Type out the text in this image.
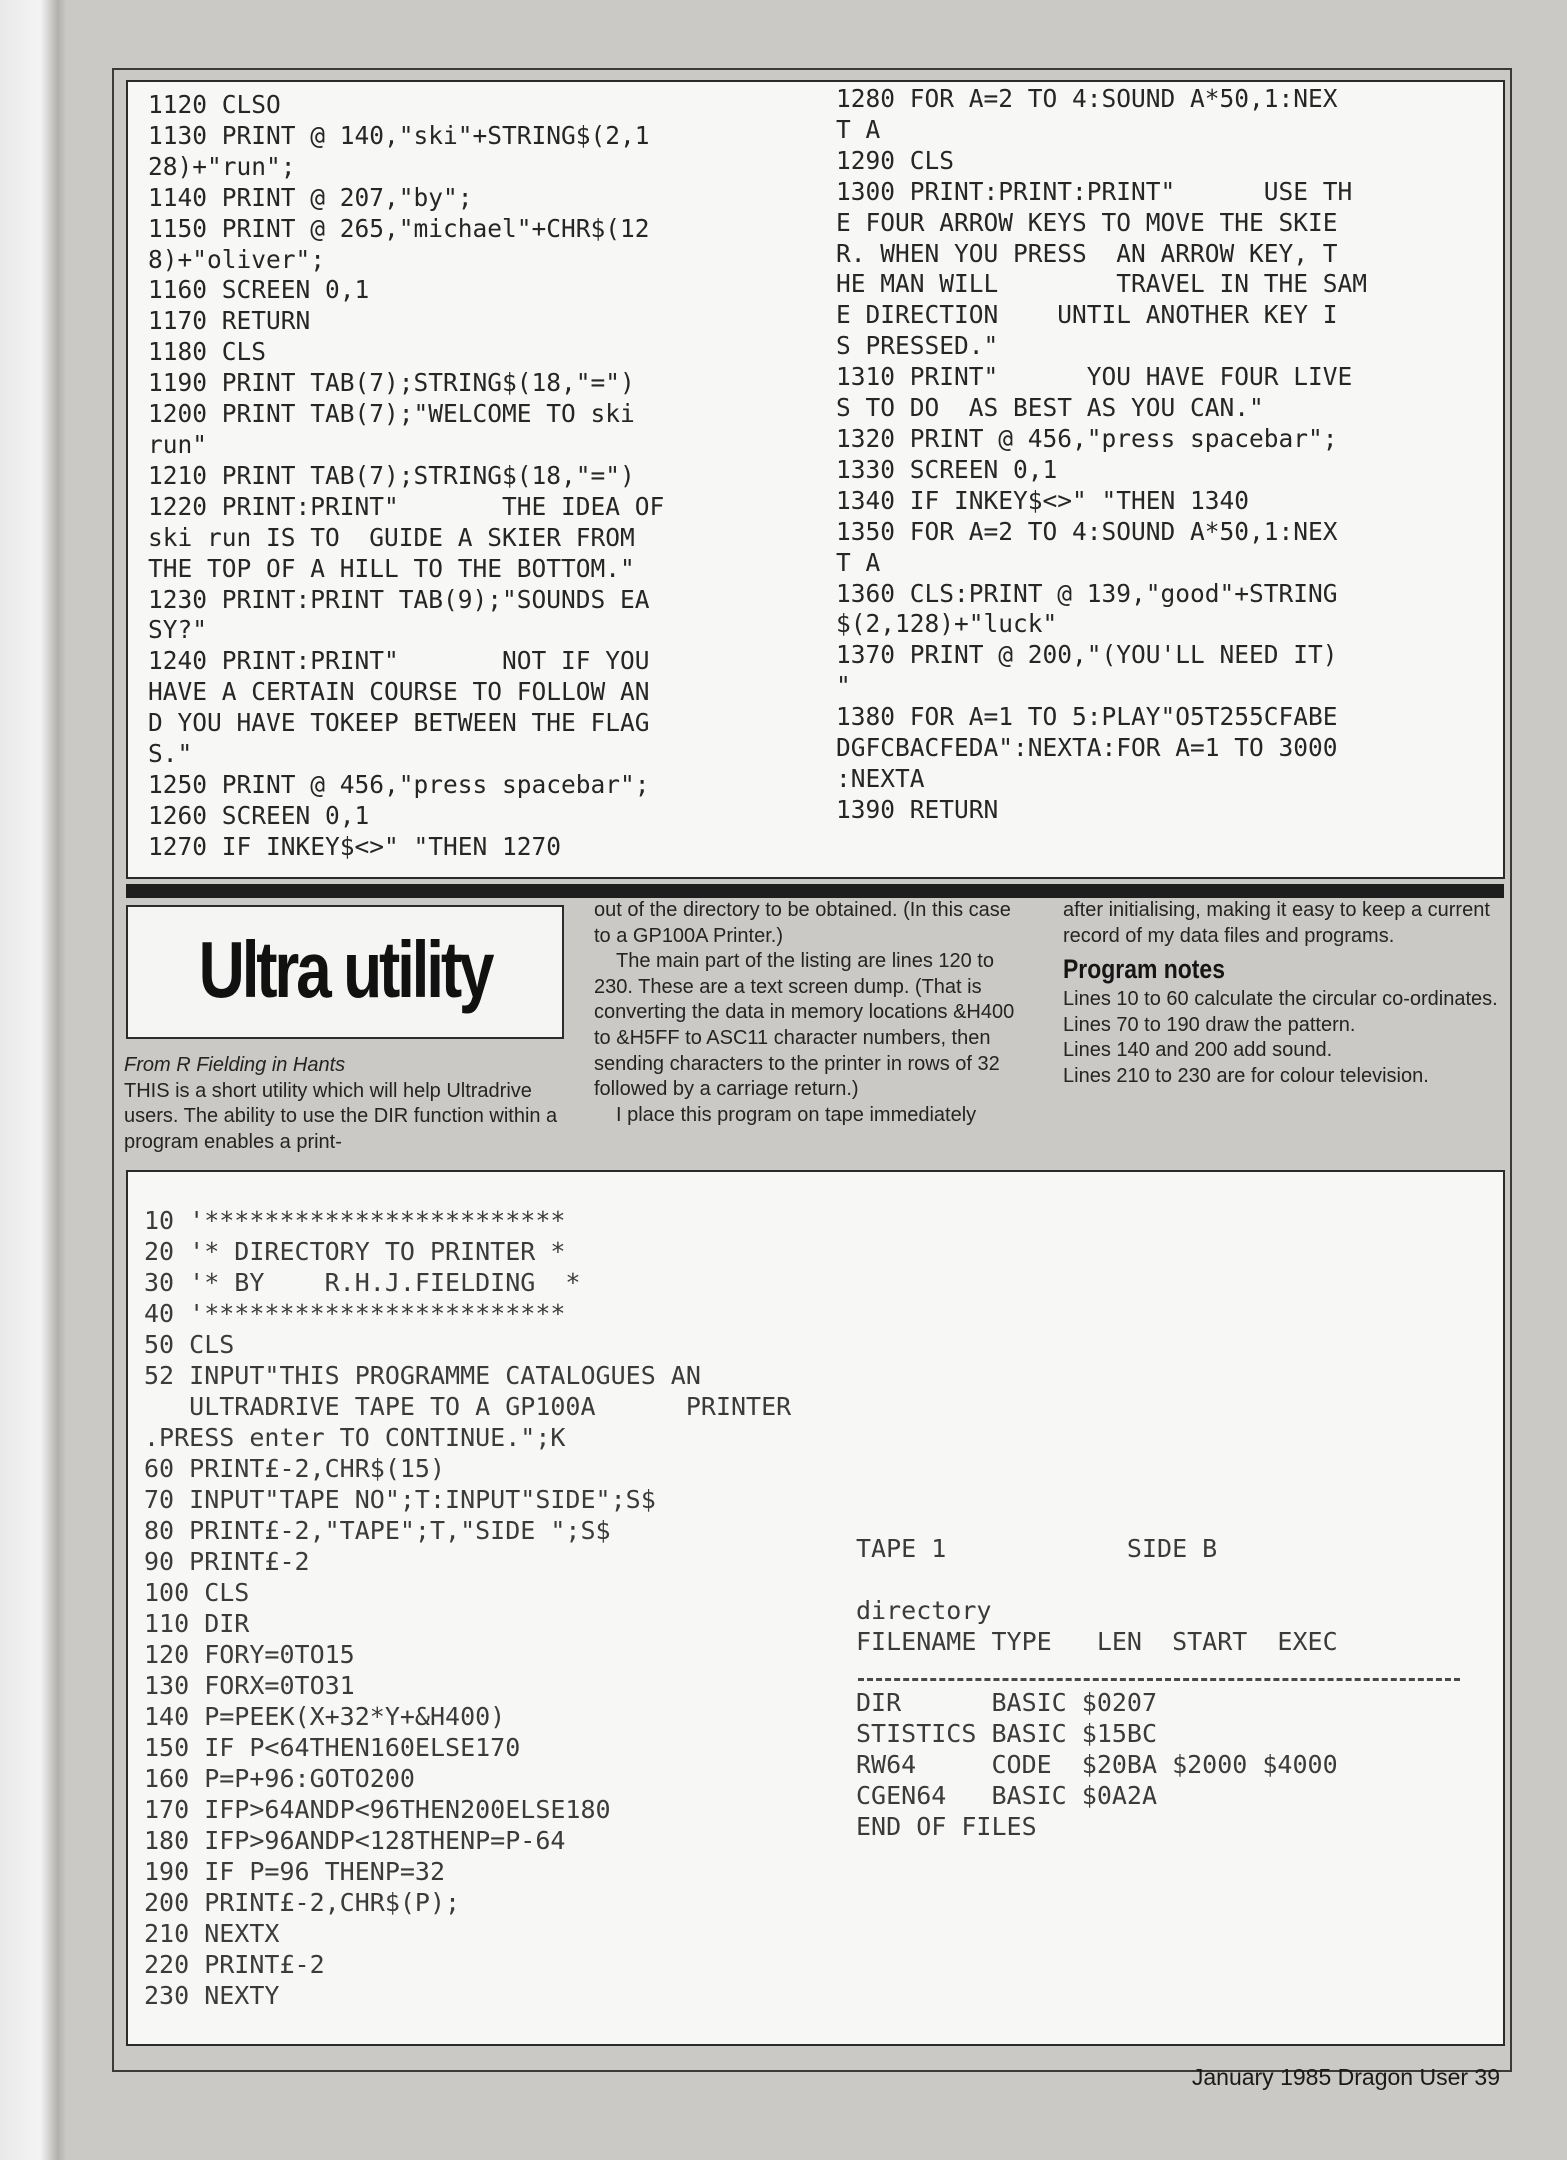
1120 CLSO
1130 PRINT @ 140,"ski"+STRING$(2,1
28)+"run";
1140 PRINT @ 207,"by";
1150 PRINT @ 265,"michael"+CHR$(12
8)+"oliver";
1160 SCREEN 0,1
1170 RETURN
1180 CLS
1190 PRINT TAB(7);STRING$(18,"=")
1200 PRINT TAB(7);"WELCOME TO ski
run"
1210 PRINT TAB(7);STRING$(18,"=")
1220 PRINT:PRINT"       THE IDEA OF
ski run IS TO  GUIDE A SKIER FROM
THE TOP OF A HILL TO THE BOTTOM."
1230 PRINT:PRINT TAB(9);"SOUNDS EA
SY?"
1240 PRINT:PRINT"       NOT IF YOU
HAVE A CERTAIN COURSE TO FOLLOW AN
D YOU HAVE TOKEEP BETWEEN THE FLAG
S."
1250 PRINT @ 456,"press spacebar";
1260 SCREEN 0,1
1270 IF INKEY$<>" "THEN 1270
1280 FOR A=2 TO 4:SOUND A*50,1:NEX
T A
1290 CLS
1300 PRINT:PRINT:PRINT"      USE TH
E FOUR ARROW KEYS TO MOVE THE SKIE
R. WHEN YOU PRESS  AN ARROW KEY, T
HE MAN WILL        TRAVEL IN THE SAM
E DIRECTION    UNTIL ANOTHER KEY I
S PRESSED."
1310 PRINT"      YOU HAVE FOUR LIVE
S TO DO  AS BEST AS YOU CAN."
1320 PRINT @ 456,"press spacebar";
1330 SCREEN 0,1
1340 IF INKEY$<>" "THEN 1340
1350 FOR A=2 TO 4:SOUND A*50,1:NEX
T A
1360 CLS:PRINT @ 139,"good"+STRING
$(2,128)+"luck"
1370 PRINT @ 200,"(YOU'LL NEED IT)
"
1380 FOR A=1 TO 5:PLAY"O5T255CFABE
DGFCBACFEDA":NEXTA:FOR A=1 TO 3000
:NEXTA
1390 RETURN
Ultra utility

From R Fielding in Hants

THIS is a short utility which will help Ultradrive users. The ability to use the DIR function within a program enables a print-

out of the directory to be obtained. (In this case to a GP100A Printer.)

The main part of the listing are lines 120 to 230. These are a text screen dump. (That is converting the data in memory locations &H400 to &H5FF to ASC11 character numbers, then sending characters to the printer in rows of 32 followed by a carriage return.)

I place this program on tape immediately

after initialising, making it easy to keep a current record of my data files and programs.

Program notes

Lines 10 to 60 calculate the circular co-ordinates.

Lines 70 to 190 draw the pattern.

Lines 140 and 200 add sound.

Lines 210 to 230 are for colour television.

10 '************************
20 '* DIRECTORY TO PRINTER *
30 '* BY    R.H.J.FIELDING  *
40 '************************
50 CLS
52 INPUT"THIS PROGRAMME CATALOGUES AN
ULTRADRIVE TAPE TO A GP100A      PRINTER
.PRESS enter TO CONTINUE.";K
60 PRINT£-2,CHR$(15)
70 INPUT"TAPE NO";T:INPUT"SIDE";S$
80 PRINT£-2,"TAPE";T,"SIDE ";S$
90 PRINT£-2
100 CLS
110 DIR
120 FORY=0TO15
130 FORX=0TO31
140 P=PEEK(X+32*Y+&H400)
150 IF P<64THEN160ELSE170
160 P=P+96:GOTO200
170 IFP>64ANDP<96THEN200ELSE180
180 IFP>96ANDP<128THENP=P-64
190 IF P=96 THENP=32
200 PRINT£-2,CHR$(P);
210 NEXTX
220 PRINT£-2
230 NEXTY
TAPE 1            SIDE B

directory
FILENAME TYPE   LEN  START  EXEC
DIR      BASIC $0207
STISTICS BASIC $15BC
RW64     CODE  $20BA $2000 $4000
CGEN64   BASIC $0A2A
END OF FILES
January 1985 Dragon User 39
